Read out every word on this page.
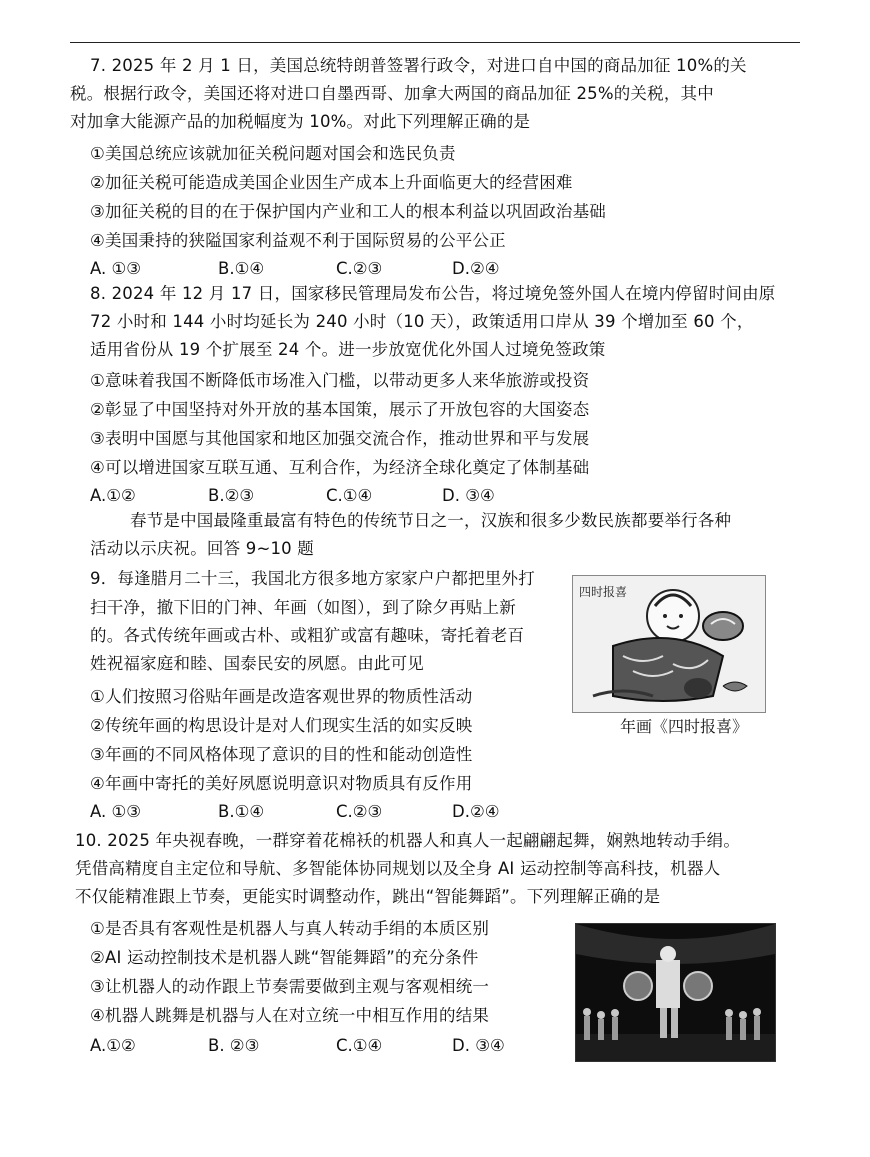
7. 2025 年 2 月 1 日，美国总统特朗普签署行政令，对进口自中国的商品加征 10%的关
税。根据行政令，美国还将对进口自墨西哥、加拿大两国的商品加征 25%的关税，其中
对加拿大能源产品的加税幅度为 10%。对此下列理解正确的是
①美国总统应该就加征关税问题对国会和选民负责
②加征关税可能造成美国企业因生产成本上升面临更大的经营困难
③加征关税的目的在于保护国内产业和工人的根本利益以巩固政治基础
④美国秉持的狭隘国家利益观不利于国际贸易的公平公正
A. ①③	B.①④	C.②③	D.②④
8. 2024 年 12 月 17 日，国家移民管理局发布公告，将过境免签外国人在境内停留时间由原
72 小时和 144 小时均延长为 240 小时（10 天），政策适用口岸从 39 个增加至 60 个，
适用省份从 19 个扩展至 24 个。进一步放宽优化外国人过境免签政策
①意味着我国不断降低市场准入门槛，以带动更多人来华旅游或投资
②彰显了中国坚持对外开放的基本国策，展示了开放包容的大国姿态
③表明中国愿与其他国家和地区加强交流合作，推动世界和平与发展
④可以增进国家互联互通、互利合作，为经济全球化奠定了体制基础
A.①②	B.②③	C.①④	D. ③④
春节是中国最隆重最富有特色的传统节日之一，汉族和很多少数民族都要举行各种
活动以示庆祝。回答 9~10 题
9．每逢腊月二十三，我国北方很多地方家家户户都把里外打
扫干净，撤下旧的门神、年画（如图），到了除夕再贴上新
的。各式传统年画或古朴、或粗犷或富有趣味，寄托着老百
姓祝福家庭和睦、国泰民安的夙愿。由此可见
①人们按照习俗贴年画是改造客观世界的物质性活动
②传统年画的构思设计是对人们现实生活的如实反映
③年画的不同风格体现了意识的目的性和能动创造性
④年画中寄托的美好夙愿说明意识对物质具有反作用
A. ①③	B.①④	C.②③	D.②④
四时报喜
年画《四时报喜》
10. 2025 年央视春晚，一群穿着花棉袄的机器人和真人一起翩翩起舞，娴熟地转动手绢。
凭借高精度自主定位和导航、多智能体协同规划以及全身 AI 运动控制等高科技，机器人
不仅能精准跟上节奏，更能实时调整动作，跳出“智能舞蹈”。下列理解正确的是
①是否具有客观性是机器人与真人转动手绢的本质区别
②AI 运动控制技术是机器人跳“智能舞蹈”的充分条件
③让机器人的动作跟上节奏需要做到主观与客观相统一
④机器人跳舞是机器与人在对立统一中相互作用的结果
A.①②	B. ②③	C.①④	D. ③④
